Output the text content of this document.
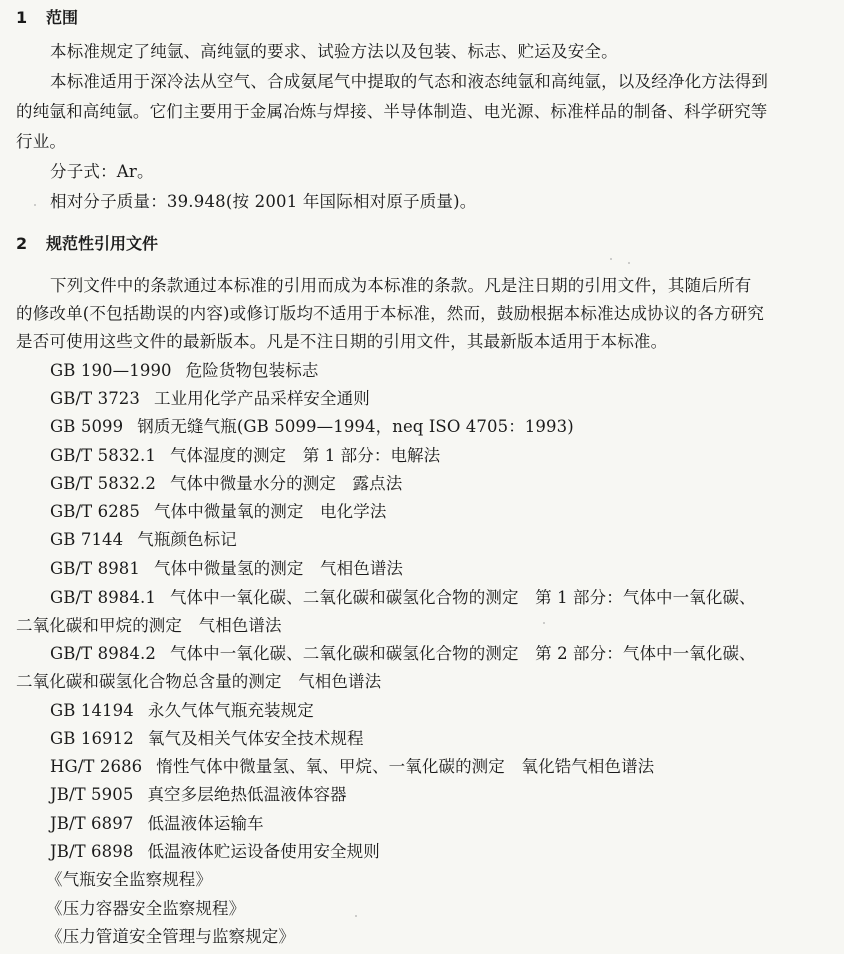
1 范围
本标准规定了纯氩、高纯氩的要求、试验方法以及包装、标志、贮运及安全。
本标准适用于深冷法从空气、合成氨尾气中提取的气态和液态纯氩和高纯氩，以及经净化方法得到
的纯氩和高纯氩。它们主要用于金属冶炼与焊接、半导体制造、电光源、标准样品的制备、科学研究等
行业。
分子式：Ar。
相对分子质量：39.948(按 2001 年国际相对原子质量)。
2 规范性引用文件
下列文件中的条款通过本标准的引用而成为本标准的条款。凡是注日期的引用文件，其随后所有
的修改单(不包括勘误的内容)或修订版均不适用于本标准，然而，鼓励根据本标准达成协议的各方研究
是否可使用这些文件的最新版本。凡是不注日期的引用文件，其最新版本适用于本标准。
GB 190—1990 危险货物包装标志
GB/T 3723 工业用化学产品采样安全通则
GB 5099 钢质无缝气瓶(GB 5099—1994，neq ISO 4705：1993)
GB/T 5832.1 气体湿度的测定　第 1 部分：电解法
GB/T 5832.2 气体中微量水分的测定　露点法
GB/T 6285 气体中微量氧的测定　电化学法
GB 7144 气瓶颜色标记
GB/T 8981 气体中微量氢的测定　气相色谱法
GB/T 8984.1 气体中一氧化碳、二氧化碳和碳氢化合物的测定　第 1 部分：气体中一氧化碳、
二氧化碳和甲烷的测定　气相色谱法
GB/T 8984.2 气体中一氧化碳、二氧化碳和碳氢化合物的测定　第 2 部分：气体中一氧化碳、
二氧化碳和碳氢化合物总含量的测定　气相色谱法
GB 14194 永久气体气瓶充装规定
GB 16912 氧气及相关气体安全技术规程
HG/T 2686 惰性气体中微量氢、氧、甲烷、一氧化碳的测定　氧化锆气相色谱法
JB/T 5905 真空多层绝热低温液体容器
JB/T 6897 低温液体运输车
JB/T 6898 低温液体贮运设备使用安全规则
《气瓶安全监察规程》
《压力容器安全监察规程》
《压力管道安全管理与监察规定》
